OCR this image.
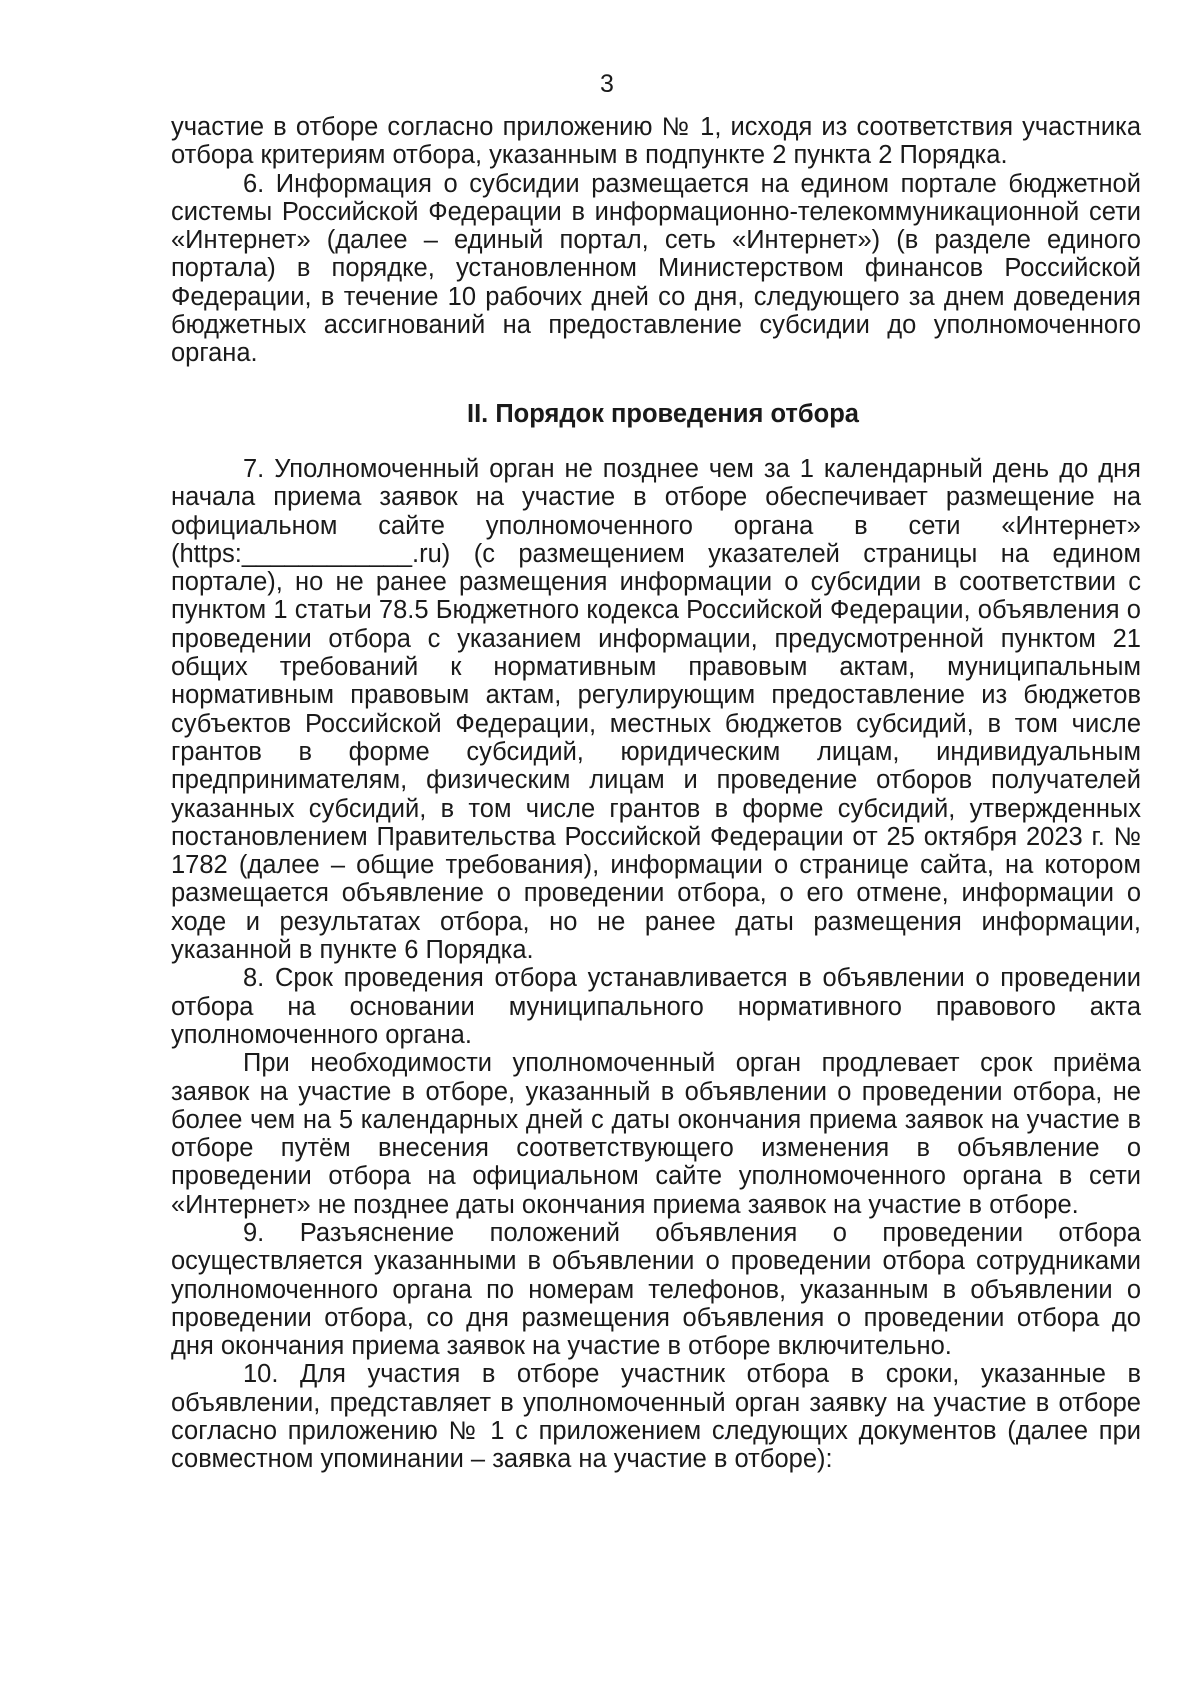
3

участие в отборе согласно приложению № 1, исходя из соответствия участника отбора критериям отбора, указанным в подпункте 2 пункта 2 Порядка.

6. Информация о субсидии размещается на едином портале бюджетной системы Российской Федерации в информационно-телекоммуникационной сети «Интернет» (далее – единый портал, сеть «Интернет») (в разделе единого портала) в порядке, установленном Министерством финансов Российской Федерации, в течение 10 рабочих дней со дня, следующего за днем доведения бюджетных ассигнований на предоставление субсидии до уполномоченного органа.

II. Порядок проведения отбора

7. Уполномоченный орган не позднее чем за 1 календарный день до дня начала приема заявок на участие в отборе обеспечивает размещение на официальном сайте уполномоченного органа в сети «Интернет» (https:____________.ru) (с размещением указателей страницы на едином портале), но не ранее размещения информации о субсидии в соответствии с пунктом 1 статьи 78.5 Бюджетного кодекса Российской Федерации, объявления о проведении отбора с указанием информации, предусмотренной пунктом 21 общих требований к нормативным правовым актам, муниципальным нормативным правовым актам, регулирующим предоставление из бюджетов субъектов Российской Федерации, местных бюджетов субсидий, в том числе грантов в форме субсидий, юридическим лицам, индивидуальным предпринимателям, физическим лицам и проведение отборов получателей указанных субсидий, в том числе грантов в форме субсидий, утвержденных постановлением Правительства Российской Федерации от 25 октября 2023 г. № 1782 (далее – общие требования), информации о странице сайта, на котором размещается объявление о проведении отбора, о его отмене, информации о ходе и результатах отбора, но не ранее даты размещения информации, указанной в пункте 6 Порядка.

8. Срок проведения отбора устанавливается в объявлении о проведении отбора на основании муниципального нормативного правового акта уполномоченного органа.

При необходимости уполномоченный орган продлевает срок приёма заявок на участие в отборе, указанный в объявлении о проведении отбора, не более чем на 5 календарных дней с даты окончания приема заявок на участие в отборе путём внесения соответствующего изменения в объявление о проведении отбора на официальном сайте уполномоченного органа в сети «Интернет» не позднее даты окончания приема заявок на участие в отборе.

9. Разъяснение положений объявления о проведении отбора осуществляется указанными в объявлении о проведении отбора сотрудниками уполномоченного органа по номерам телефонов, указанным в объявлении о проведении отбора, со дня размещения объявления о проведении отбора до дня окончания приема заявок на участие в отборе включительно.

10. Для участия в отборе участник отбора в сроки, указанные в объявлении, представляет в уполномоченный орган заявку на участие в отборе согласно приложению № 1 с приложением следующих документов (далее при совместном упоминании – заявка на участие в отборе):
